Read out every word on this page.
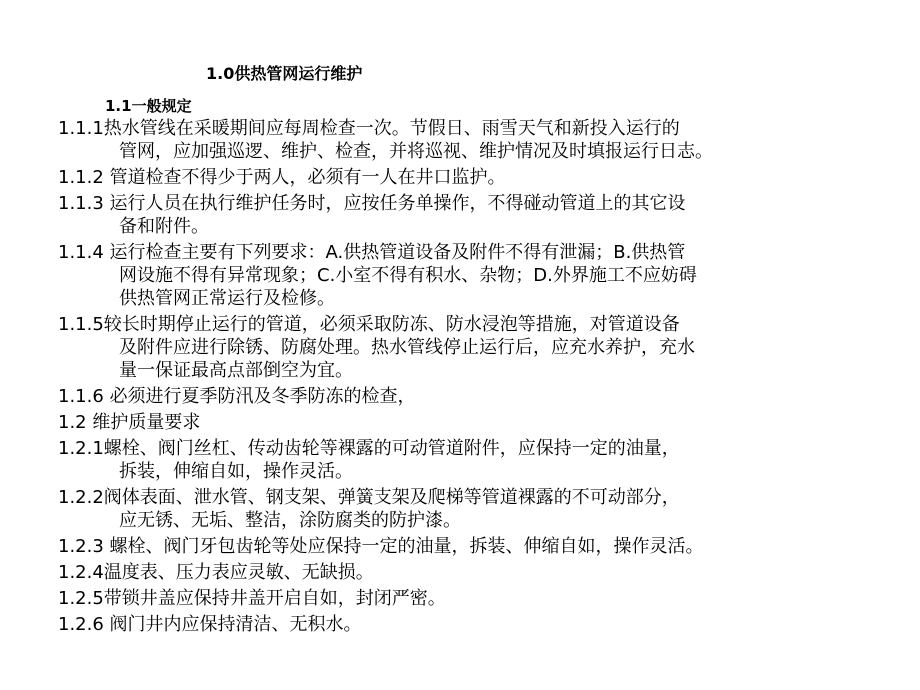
1.0供热管网运行维护
1.1一般规定
1.1.1热水管线在采暖期间应每周检查一次。节假日、雨雪天气和新投入运行的
管网，应加强巡逻、维护、检查，并将巡视、维护情况及时填报运行日志。
1.1.2 管道检查不得少于两人，必须有一人在井口监护。
1.1.3 运行人员在执行维护任务时，应按任务单操作，不得碰动管道上的其它设
备和附件。
1.1.4 运行检查主要有下列要求：A.供热管道设备及附件不得有泄漏；B.供热管
网设施不得有异常现象；C.小室不得有积水、杂物；D.外界施工不应妨碍
供热管网正常运行及检修。
1.1.5较长时期停止运行的管道，必须采取防冻、防水浸泡等措施，对管道设备
及附件应进行除锈、防腐处理。热水管线停止运行后，应充水养护，充水
量一保证最高点部倒空为宜。
1.1.6 必须进行夏季防汛及冬季防冻的检查，
1.2 维护质量要求
1.2.1螺栓、阀门丝杠、传动齿轮等裸露的可动管道附件，应保持一定的油量，
拆装，伸缩自如，操作灵活。
1.2.2阀体表面、泄水管、钢支架、弹簧支架及爬梯等管道裸露的不可动部分，
应无锈、无垢、整洁，涂防腐类的防护漆。
1.2.3 螺栓、阀门牙包齿轮等处应保持一定的油量，拆装、伸缩自如，操作灵活。
1.2.4温度表、压力表应灵敏、无缺损。
1.2.5带锁井盖应保持井盖开启自如，封闭严密。
1.2.6 阀门井内应保持清洁、无积水。
